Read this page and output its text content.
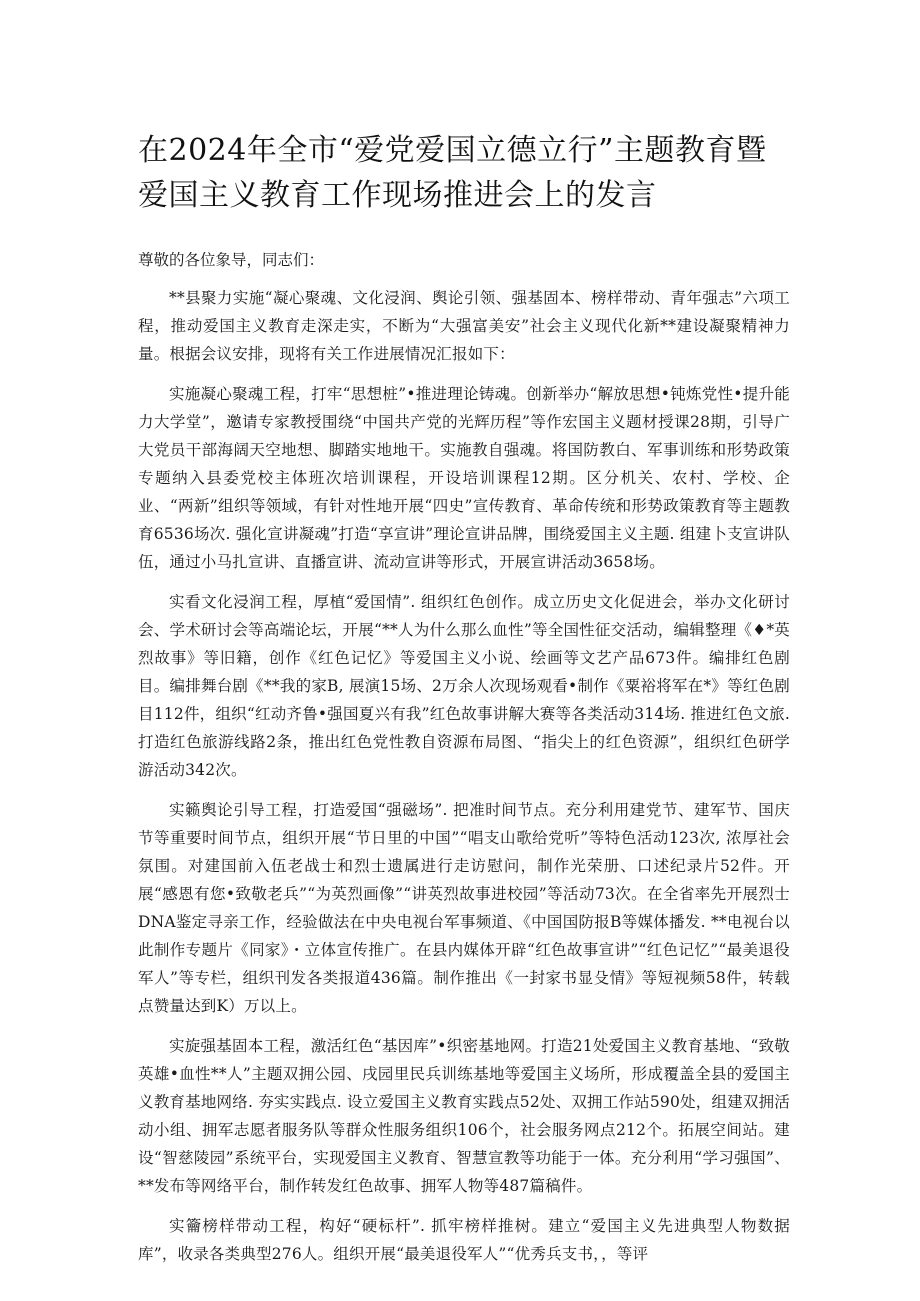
在2024年全市“爱党爱国立德立行”主题教育暨爱国主义教育工作现场推进会上的发言

尊敬的各位象导，同志们：

**县聚力实施“凝心聚魂、文化浸润、舆论引领、强基固本、榜样带动、青年强志”六项工程，推动爱国主义教育走深走实，不断为“大强富美安”社会主义现代化新**建设凝聚精神力量。根据会议安排，现将有关工作进展情况汇报如下：

实施凝心聚魂工程，打牢“思想桩”•推进理论铸魂。创新举办“解放思想•钝炼党性•提升能力大学堂”，邀请专家教授围绕“中国共产党的光辉历程”等作宏国主义题材授课28期，引导广大党员干部海阔天空地想、脚踏实地地干。实施教自强魂。将国防教白、军事训练和形势政策专题纳入县委党校主体班次培训课程，开设培训课程12期。区分机关、农村、学校、企业、“两新”组织等领域，有针对性地开展“四史”宣传教育、革命传统和形势政策教育等主题教育6536场次. 强化宣讲凝魂”打造“享宣讲”理论宣讲品牌，围绕爱国主义主题. 组建卜支宣讲队伍，通过小马扎宣讲、直播宣讲、流动宣讲等形式，开展宣讲活动3658场。

实看文化浸润工程，厚植“爱国情”. 组织红色创作。成立历史文化促进会，举办文化研讨会、学术研讨会等高端论坛，开展“**人为什么那么血性”等全国性征交活动，编辑整理《♦*英烈故事》等旧籍，创作《红色记忆》等爱国主义小说、绘画等文艺产品673件。编排红色剧目。编排舞台剧《**我的家B, 展演15场、2万余人次现场观看•制作《粟裕将军在*》等红色剧目112件，组织“红动齐鲁•强国夏兴有我”红色故事讲解大赛等各类活动314场. 推进红色文旅. 打造红色旅游线路2条，推出红色党性教自资源布局图、“指尖上的红色资源”，组织红色研学游活动342次。

实籁舆论引导工程，打造爱国“强磁场”. 把准时间节点。充分利用建党节、建军节、国庆节等重要时间节点，组织开展“节日里的中国”“唱支山歌给党听”等特色活动123次, 浓厚社会氛围。对建国前入伍老战士和烈士遗属进行走访慰问，制作光荣册、口述纪录片52件。开展“感恩有您•致敬老兵”“为英烈画像”“讲英烈故事进校园”等活动73次。在全省率先开展烈士DNA鉴定寻亲工作，经验做法在中央电视台军事频道、《中国国防报B等媒体播发. **电视台以此制作专题片《同家》・立体宣传推广。在县内媒体开辟“红色故事宣讲”“红色记忆”“最美退役军人”等专栏，组织刊发各类报道436篇。制作推出《一封家书显殳情》等短视频58件，转载点赞量达到K）万以上。

实旋强基固本工程，激活红色“基因库”•织密基地网。打造21处爱国主义教育基地、“致敬英雄•血性**人”主题双拥公园、戌园里民兵训练基地等爱国主义场所，形成覆盖全县的爱国主义教育基地网络. 夯实实践点. 设立爱国主义教育实践点52处、双拥工作站590处，组建双拥活动小组、拥军志愿者服务队等群众性服务组织106个，社会服务网点212个。拓展空间站。建设“智慈陵园”系统平台，实现爱国主义教育、智慧宣教等功能于一体。充分利用“学习强国”、**发布等网络平台，制作转发红色故事、拥军人物等487篇稿件。

实籥榜样带动工程，构好“硬标杆”. 抓牢榜样推树。建立“爱国主义先进典型人物数据库”，收录各类典型276人。组织开展“最美退役军人”“优秀兵支书，，等评
